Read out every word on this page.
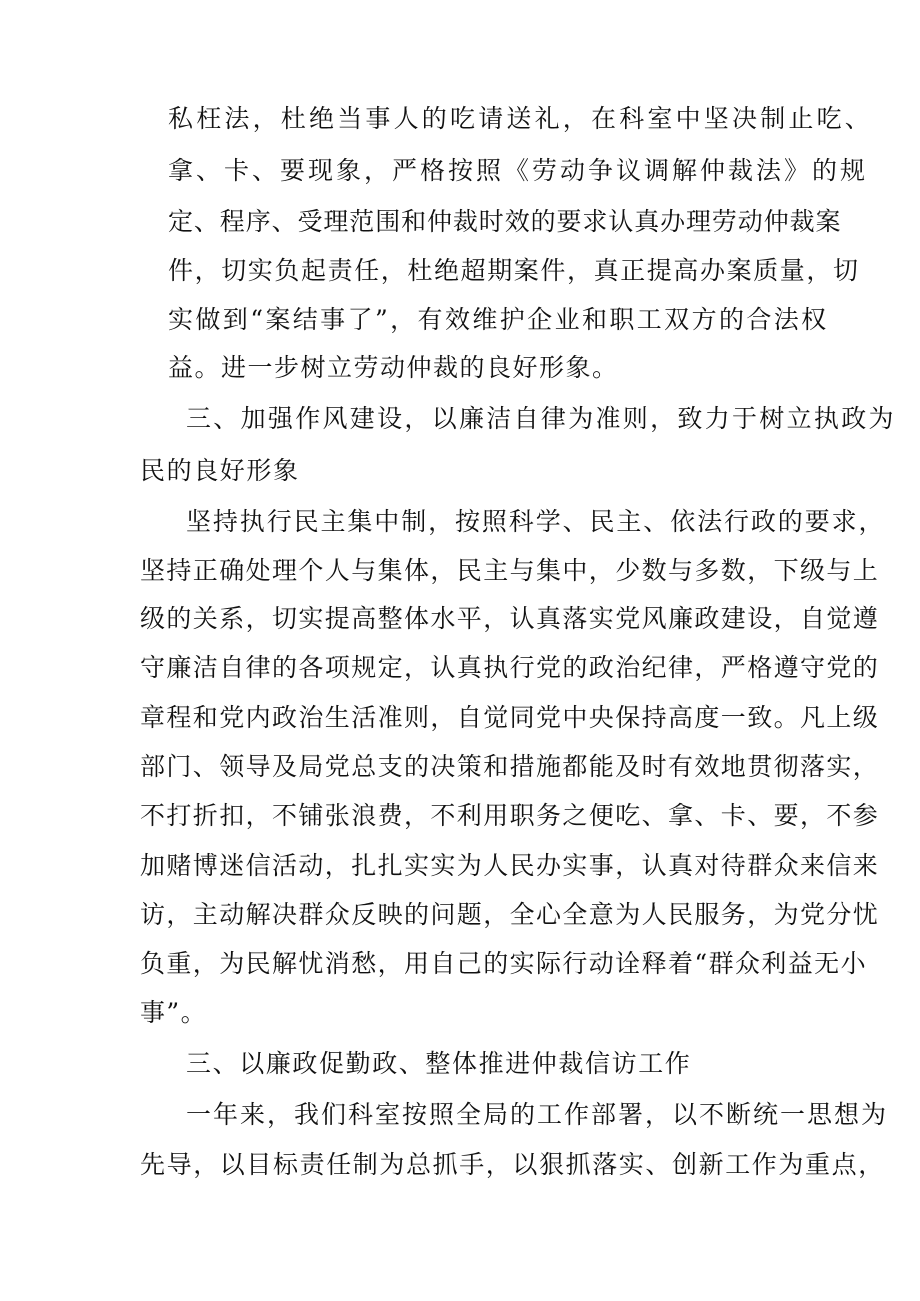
私枉法，杜绝当事人的吃请送礼，在科室中坚决制止吃、
拿、卡、要现象，严格按照《劳动争议调解仲裁法》的规
定、程序、受理范围和仲裁时效的要求认真办理劳动仲裁案
件，切实负起责任，杜绝超期案件，真正提高办案质量，切
实做到“案结事了”，有效维护企业和职工双方的合法权
益。进一步树立劳动仲裁的良好形象。
三、加强作风建设，以廉洁自律为准则，致力于树立执政为
民的良好形象
坚持执行民主集中制，按照科学、民主、依法行政的要求，
坚持正确处理个人与集体，民主与集中，少数与多数，下级与上
级的关系，切实提高整体水平，认真落实党风廉政建设，自觉遵
守廉洁自律的各项规定，认真执行党的政治纪律，严格遵守党的
章程和党内政治生活准则，自觉同党中央保持高度一致。凡上级
部门、领导及局党总支的决策和措施都能及时有效地贯彻落实，
不打折扣，不铺张浪费，不利用职务之便吃、拿、卡、要，不参
加赌博迷信活动，扎扎实实为人民办实事，认真对待群众来信来
访，主动解决群众反映的问题，全心全意为人民服务，为党分忧
负重，为民解忧消愁，用自己的实际行动诠释着“群众利益无小
事”。
三、以廉政促勤政、整体推进仲裁信访工作
一年来，我们科室按照全局的工作部署，以不断统一思想为
先导，以目标责任制为总抓手，以狠抓落实、创新工作为重点，
